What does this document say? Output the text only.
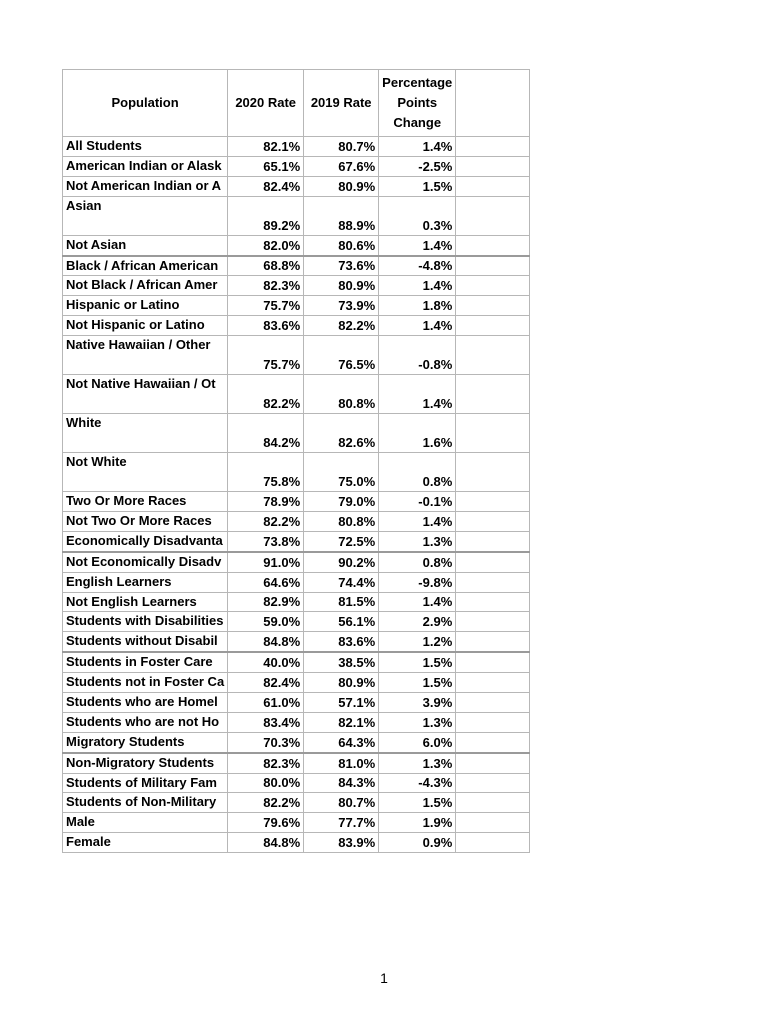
Population	2020 Rate	2019 Rate	Percentage Points Change	
All Students	82.1%	80.7%	1.4%	
American Indian or Alask	65.1%	67.6%	-2.5%	
Not American Indian or A	82.4%	80.9%	1.5%	
Asian	89.2%	88.9%	0.3%	
Not Asian	82.0%	80.6%	1.4%	
Black / African American	68.8%	73.6%	-4.8%	
Not Black / African Amer	82.3%	80.9%	1.4%	
Hispanic or Latino	75.7%	73.9%	1.8%	
Not Hispanic or Latino	83.6%	82.2%	1.4%	
Native Hawaiian / Other	75.7%	76.5%	-0.8%	
Not Native Hawaiian / Ot	82.2%	80.8%	1.4%	
White	84.2%	82.6%	1.6%	
Not White	75.8%	75.0%	0.8%	
Two Or More Races	78.9%	79.0%	-0.1%	
Not Two Or More Races	82.2%	80.8%	1.4%	
Economically Disadvanta	73.8%	72.5%	1.3%	
Not Economically Disadv	91.0%	90.2%	0.8%	
English Learners	64.6%	74.4%	-9.8%	
Not English Learners	82.9%	81.5%	1.4%	
Students with Disabilities	59.0%	56.1%	2.9%	
Students without Disabil	84.8%	83.6%	1.2%	
Students in Foster Care	40.0%	38.5%	1.5%	
Students not in Foster Ca	82.4%	80.9%	1.5%	
Students who are Homel	61.0%	57.1%	3.9%	
Students who are not Ho	83.4%	82.1%	1.3%	
Migratory Students	70.3%	64.3%	6.0%	
Non-Migratory Students	82.3%	81.0%	1.3%	
Students of Military Fam	80.0%	84.3%	-4.3%	
Students of Non-Military	82.2%	80.7%	1.5%	
Male	79.6%	77.7%	1.9%	
Female	84.8%	83.9%	0.9%	
1
